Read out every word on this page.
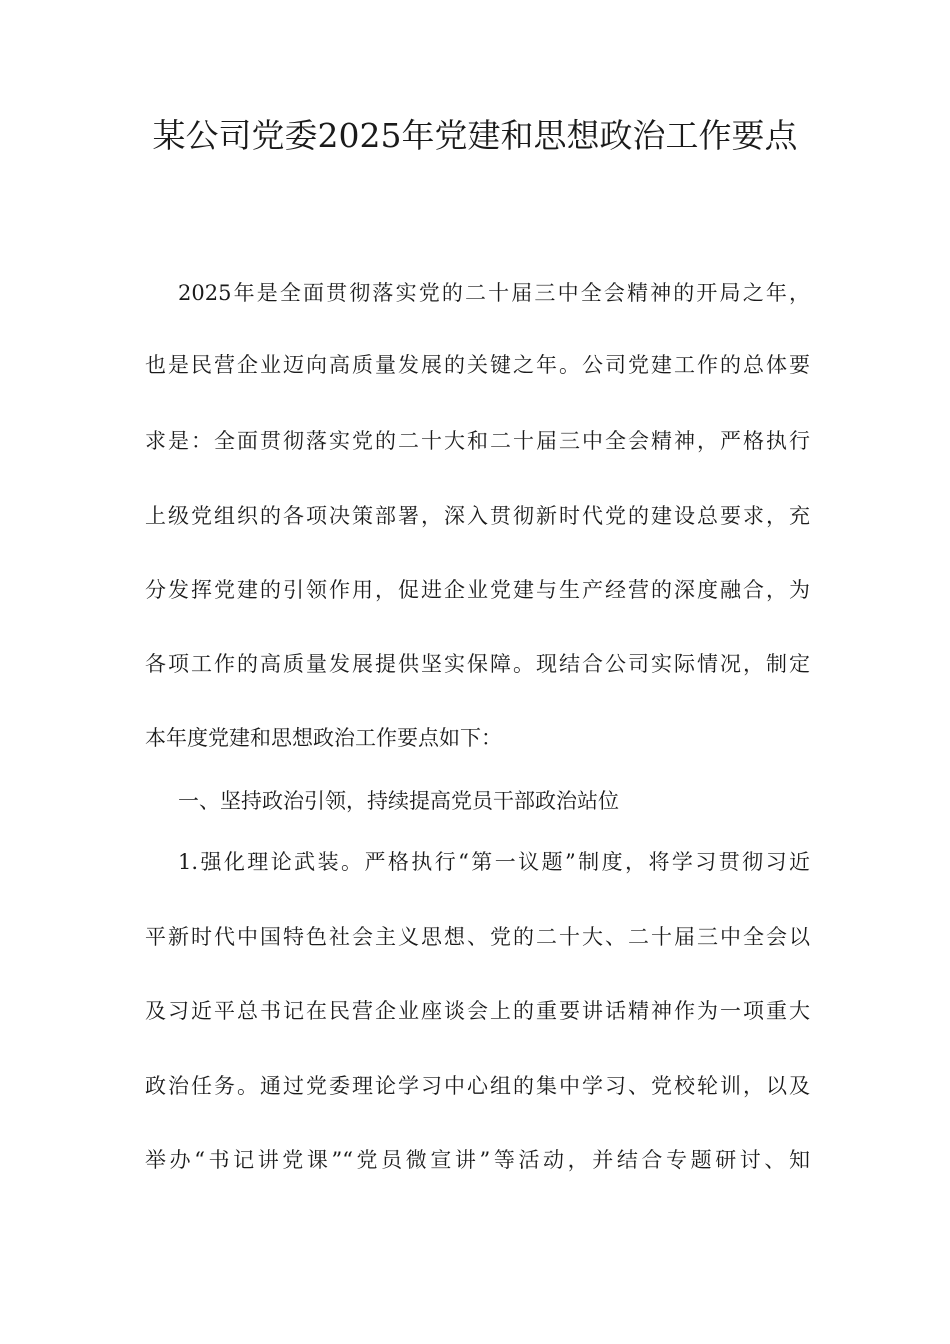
某公司党委2025年党建和思想政治工作要点

2025年是全面贯彻落实党的二十届三中全会精神的开局之年，

也是民营企业迈向高质量发展的关键之年。公司党建工作的总体要

求是：全面贯彻落实党的二十大和二十届三中全会精神，严格执行

上级党组织的各项决策部署，深入贯彻新时代党的建设总要求，充

分发挥党建的引领作用，促进企业党建与生产经营的深度融合，为

各项工作的高质量发展提供坚实保障。现结合公司实际情况，制定

本年度党建和思想政治工作要点如下：

一、坚持政治引领，持续提高党员干部政治站位

1.强化理论武装。严格执行“第一议题”制度，将学习贯彻习近

平新时代中国特色社会主义思想、党的二十大、二十届三中全会以

及习近平总书记在民营企业座谈会上的重要讲话精神作为一项重大

政治任务。通过党委理论学习中心组的集中学习、党校轮训，以及

举办“书记讲党课”“党员微宣讲”等活动，并结合专题研讨、知
